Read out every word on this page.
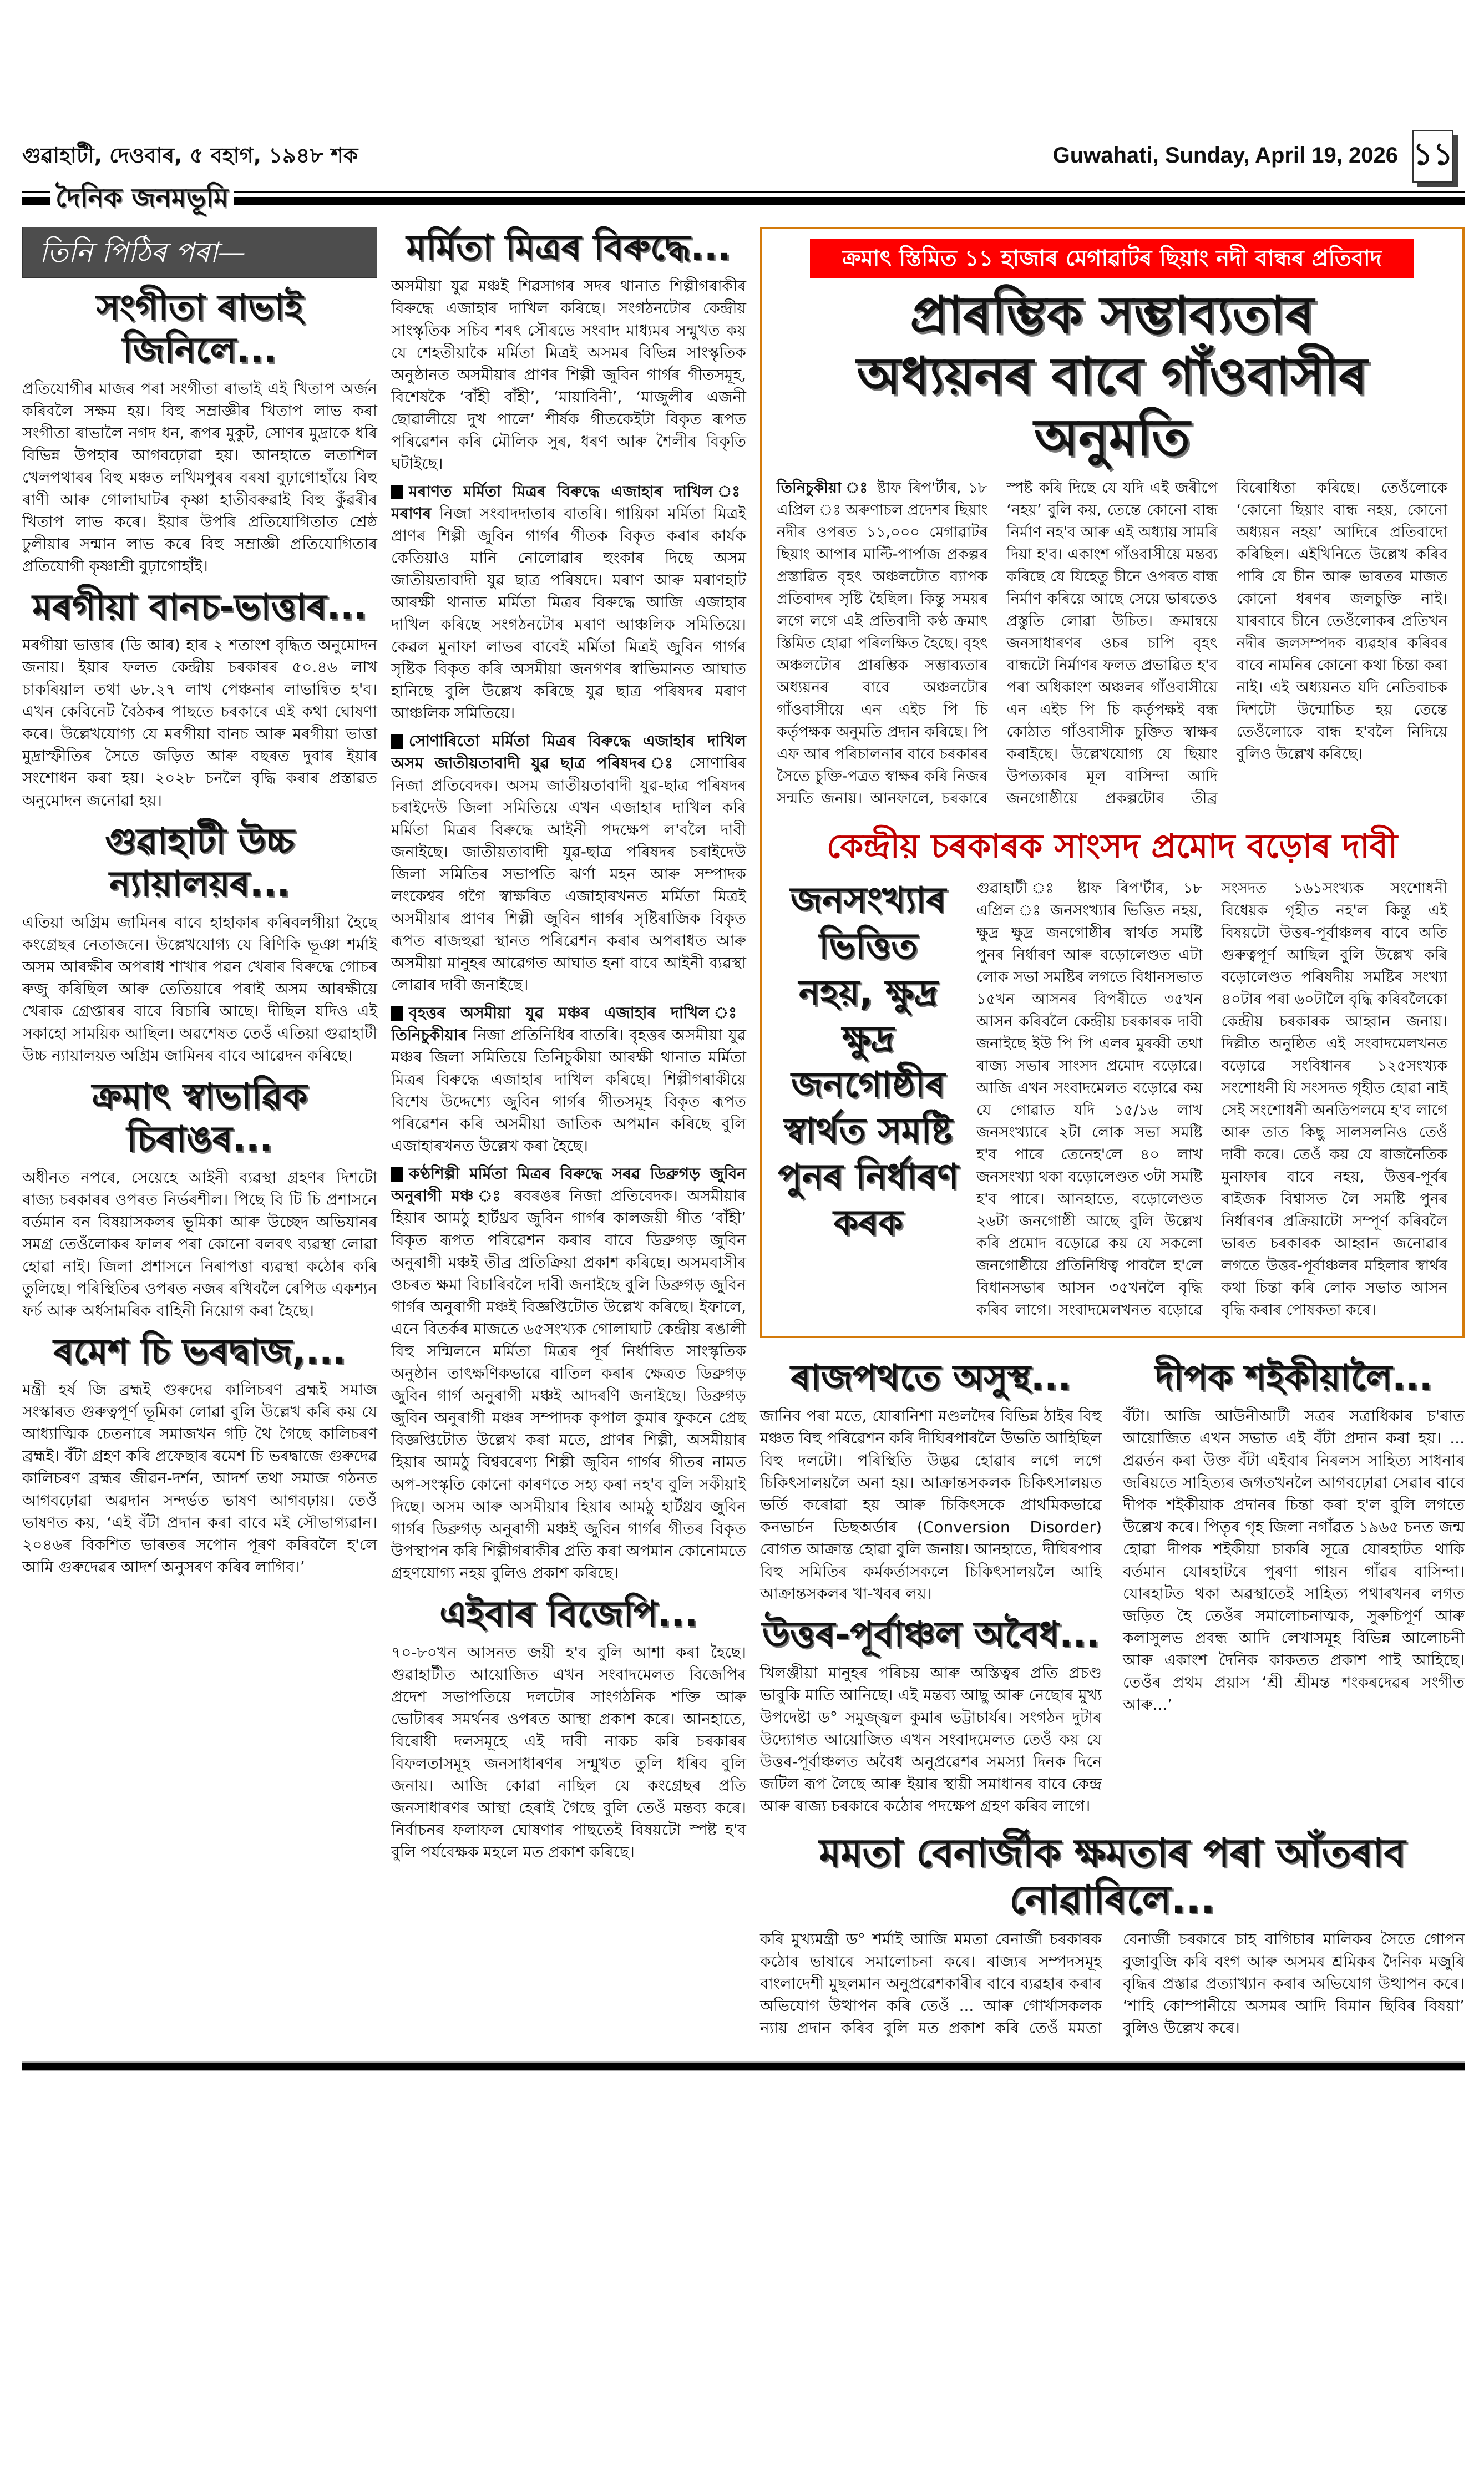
গুৱাহাটী, দেওবাৰ, ৫ বহাগ, ১৯৪৮ শক	Guwahati, Sunday, April 19, 2026 ১১
দৈনিক জনমভূমি
তিনি পিঠিৰ পৰা—
সংগীতা ৰাভাই জিনিলে...
প্ৰতিযোগীৰ মাজৰ পৰা সংগীতা ৰাভাই এই খিতাপ অৰ্জন কৰিবলৈ সক্ষম হয়। বিহু সম্ৰাজ্ঞীৰ খিতাপ লাভ কৰা সংগীতা ৰাভালৈ নগদ ধন, ৰূপৰ মুকুট, সোণৰ মুদ্ৰাকে ধৰি বিভিন্ন উপহাৰ আগবঢ়োৱা হয়। আনহাতে লতাশিল খেলপথাৰৰ বিহু মঞ্চত লখিমপুৰৰ বৰষা বুঢ়াগোহাঁয়ে বিহু ৰাণী আৰু গোলাঘাটৰ কৃষ্ণা হাতীবৰুৱাই বিহু কুঁৱৰীৰ খিতাপ লাভ কৰে। ইয়াৰ উপৰি প্ৰতিযোগিতাত শ্ৰেষ্ঠ ঢুলীয়াৰ সন্মান লাভ কৰে বিহু সম্ৰাজ্ঞী প্ৰতিযোগিতাৰ প্ৰতিযোগী কৃষ্ণাশ্ৰী বুঢ়াগোহাঁই।
মৰগীয়া বানচ-ভাত্তাৰ...
মৰগীয়া ভাত্তাৰ (ডি আৰ) হাৰ ২ শতাংশ বৃদ্ধিত অনুমোদন জনায়। ইয়াৰ ফলত কেন্দ্ৰীয় চৰকাৰৰ ৫০.৪৬ লাখ চাকৰিয়াল তথা ৬৮.২৭ লাখ পেঞ্চনাৰ লাভান্বিত হ'ব। এখন কেবিনেট বৈঠকৰ পাছতে চৰকাৰে এই কথা ঘোষণা কৰে। উল্লেখযোগ্য যে মৰগীয়া বানচ আৰু মৰগীয়া ভাত্তা মুদ্ৰাস্ফীতিৰ সৈতে জড়িত আৰু বছৰত দুবাৰ ইয়াৰ সংশোধন কৰা হয়। ২০২৮ চনলৈ বৃদ্ধি কৰাৰ প্ৰস্তাৱত অনুমোদন জনোৱা হয়।
গুৱাহাটী উচ্চ ন্যায়ালয়ৰ...
এতিয়া অগ্ৰিম জামিনৰ বাবে হাহাকাৰ কৰিবলগীয়া হৈছে কংগ্ৰেছৰ নেতাজনে। উল্লেখযোগ্য যে ৰিণিকি ভূঞা শৰ্মাই অসম আৰক্ষীৰ অপৰাধ শাখাৰ পৱন খেৰাৰ বিৰুদ্ধে গোচৰ ৰুজু কৰিছিল আৰু তেতিয়াৰে পৰাই অসম আৰক্ষীয়ে খেৰাক গ্ৰেপ্তাৰৰ বাবে বিচাৰি আছে। দীছিল যদিও এই সকাহো সাময়িক আছিল। অৱশেষত তেওঁ এতিয়া গুৱাহাটী উচ্চ ন্যায়ালয়ত অগ্ৰিম জামিনৰ বাবে আৱেদন কৰিছে।
ক্ৰমাৎ স্বাভাৱিক চিৰাঙৰ...
অধীনত নপৰে, সেয়েহে আইনী ব্যৱস্থা গ্ৰহণৰ দিশটো ৰাজ্য চৰকাৰৰ ওপৰত নিৰ্ভৰশীল। পিছে বি টি চি প্ৰশাসনে বৰ্তমান বন বিষয়াসকলৰ ভূমিকা আৰু উচ্ছেদ অভিযানৰ সমগ্ৰ তেওঁলোকৰ ফালৰ পৰা কোনো বলবৎ ব্যৱস্থা লোৱা হোৱা নাই। জিলা প্ৰশাসনে নিৰাপত্তা ব্যৱস্থা কঠোৰ কৰি তুলিছে। পৰিস্থিতিৰ ওপৰত নজৰ ৰখিবলৈ ৰেপিড একশ্যন ফৰ্চ আৰু অৰ্ধসামৰিক বাহিনী নিয়োগ কৰা হৈছে।
ৰমেশ চি ভৰদ্বাজ,...
মন্ত্ৰী হৰ্ষ জি ব্ৰহ্মই গুৰুদেৱ কালিচৰণ ব্ৰহ্মই সমাজ সংস্কাৰত গুৰুত্বপূৰ্ণ ভূমিকা লোৱা বুলি উল্লেখ কৰি কয় যে আধ্যাত্মিক চেতনাৰে সমাজখন গঢ়ি থৈ গৈছে কালিচৰণ ব্ৰহ্মই। বঁটা গ্ৰহণ কৰি প্ৰফেছাৰ ৰমেশ চি ভৰদ্বাজে গুৰুদেৱ কালিচৰণ ব্ৰহ্মৰ জীৱন-দৰ্শন, আদৰ্শ তথা সমাজ গঠনত আগবঢ়োৱা অৱদান সন্দৰ্ভত ভাষণ আগবঢ়ায়। তেওঁ ভাষণত কয়, ‘এই বঁটা প্ৰদান কৰা বাবে মই সৌভাগ্যৱান। ২০৪৬ৰ বিকশিত ভাৰতৰ সপোন পূৰণ কৰিবলৈ হ'লে আমি গুৰুদেৱৰ আদৰ্শ অনুসৰণ কৰিব লাগিব।’
মৰ্মিতা মিত্ৰৰ বিৰুদ্ধে...
অসমীয়া যুৱ মঞ্চই শিৱসাগৰ সদৰ থানাত শিল্পীগৰাকীৰ বিৰুদ্ধে এজাহাৰ দাখিল কৰিছে। সংগঠনটোৰ কেন্দ্ৰীয় সাংস্কৃতিক সচিব শৰৎ সৌৰভে সংবাদ মাধ্যমৰ সন্মুখত কয় যে শেহতীয়াকৈ মৰ্মিতা মিত্ৰই অসমৰ বিভিন্ন সাংস্কৃতিক অনুষ্ঠানত অসমীয়াৰ প্ৰাণৰ শিল্পী জুবিন গাৰ্গৰ গীতসমূহ, বিশেষকৈ ‘বাঁহী বাঁহী’, ‘মায়াবিনী’, ‘মাজুলীৰ এজনী ছোৱালীয়ে দুখ পালে’ শীৰ্ষক গীতকেইটা বিকৃত ৰূপত পৰিৱেশন কৰি মৌলিক সুৰ, ধৰণ আৰু শৈলীৰ বিকৃতি ঘটাইছে।

মৰাণত মৰ্মিতা মিত্ৰৰ বিৰুদ্ধে এজাহাৰ দাখিল ঃ মৰাণৰ নিজা সংবাদদাতাৰ বাতৰি। গায়িকা মৰ্মিতা মিত্ৰই প্ৰাণৰ শিল্পী জুবিন গাৰ্গৰ গীতক বিকৃত কৰাৰ কাৰ্যক কেতিয়াও মানি নোলোৱাৰ হুংকাৰ দিছে অসম জাতীয়তাবাদী যুৱ ছাত্ৰ পৰিষদে। মৰাণ আৰু মৰাণহাট আৰক্ষী থানাত মৰ্মিতা মিত্ৰৰ বিৰুদ্ধে আজি এজাহাৰ দাখিল কৰিছে সংগঠনটোৰ মৰাণ আঞ্চলিক সমিতিয়ে। কেৱল মুনাফা লাভৰ বাবেই মৰ্মিতা মিত্ৰই জুবিন গাৰ্গৰ সৃষ্টিক বিকৃত কৰি অসমীয়া জনগণৰ স্বাভিমানত আঘাত হানিছে বুলি উল্লেখ কৰিছে যুৱ ছাত্ৰ পৰিষদৰ মৰাণ আঞ্চলিক সমিতিয়ে।

সোণাৰিতো মৰ্মিতা মিত্ৰৰ বিৰুদ্ধে এজাহাৰ দাখিল অসম জাতীয়তাবাদী যুৱ ছাত্ৰ পৰিষদৰ ঃ সোণাৰিৰ নিজা প্ৰতিবেদক। অসম জাতীয়তাবাদী যুৱ-ছাত্ৰ পৰিষদৰ চৰাইদেউ জিলা সমিতিয়ে এখন এজাহাৰ দাখিল কৰি মৰ্মিতা মিত্ৰৰ বিৰুদ্ধে আইনী পদক্ষেপ ল'বলৈ দাবী জনাইছে। জাতীয়তাবাদী যুৱ-ছাত্ৰ পৰিষদৰ চৰাইদেউ জিলা সমিতিৰ সভাপতি ঝৰ্ণা মহন আৰু সম্পাদক লংকেশ্বৰ গগৈ স্বাক্ষৰিত এজাহাৰখনত মৰ্মিতা মিত্ৰই অসমীয়াৰ প্ৰাণৰ শিল্পী জুবিন গাৰ্গৰ সৃষ্টিৰাজিক বিকৃত ৰূপত ৰাজহুৱা স্থানত পৰিৱেশন কৰাৰ অপৰাধত আৰু অসমীয়া মানুহৰ আৱেগত আঘাত হনা বাবে আইনী ব্যৱস্থা লোৱাৰ দাবী জনাইছে।

বৃহত্তৰ অসমীয়া যুৱ মঞ্চৰ এজাহাৰ দাখিল ঃ তিনিচুকীয়াৰ নিজা প্ৰতিনিধিৰ বাতৰি। বৃহত্তৰ অসমীয়া যুৱ মঞ্চৰ জিলা সমিতিয়ে তিনিচুকীয়া আৰক্ষী থানাত মৰ্মিতা মিত্ৰৰ বিৰুদ্ধে এজাহাৰ দাখিল কৰিছে। শিল্পীগৰাকীয়ে বিশেষ উদ্দেশ্যে জুবিন গাৰ্গৰ গীতসমূহ বিকৃত ৰূপত পৰিৱেশন কৰি অসমীয়া জাতিক অপমান কৰিছে বুলি এজাহাৰখনত উল্লেখ কৰা হৈছে।

কণ্ঠশিল্পী মৰ্মিতা মিত্ৰৰ বিৰুদ্ধে সৰৱ ডিব্ৰুগড় জুবিন অনুৰাগী মঞ্চ ঃ ৰবৰঙৰ নিজা প্ৰতিবেদক। অসমীয়াৰ হিয়াৰ আমঠু হাৰ্টথ্ৰব জুবিন গাৰ্গৰ কালজয়ী গীত ‘বাঁহী’ বিকৃত ৰূপত পৰিৱেশন কৰাৰ বাবে ডিব্ৰুগড় জুবিন অনুৰাগী মঞ্চই তীব্ৰ প্ৰতিক্ৰিয়া প্ৰকাশ কৰিছে। অসমবাসীৰ ওচৰত ক্ষমা বিচাৰিবলৈ দাবী জনাইছে বুলি ডিব্ৰুগড় জুবিন গাৰ্গৰ অনুৰাগী মঞ্চই বিজ্ঞপ্তিটোত উল্লেখ কৰিছে। ইফালে, এনে বিতৰ্কৰ মাজতে ৬৫সংখ্যক গোলাঘাট কেন্দ্ৰীয় ৰঙালী বিহু সন্মিলনে মৰ্মিতা মিত্ৰৰ পূৰ্ব নিৰ্ধাৰিত সাংস্কৃতিক অনুষ্ঠান তাৎক্ষণিকভাৱে বাতিল কৰাৰ ক্ষেত্ৰত ডিব্ৰুগড় জুবিন গাৰ্গ অনুৰাগী মঞ্চই আদৰণি জনাইছে। ডিব্ৰুগড় জুবিন অনুৰাগী মঞ্চৰ সম্পাদক কৃপাল কুমাৰ ফুকনে প্ৰেছ বিজ্ঞপ্তিটোত উল্লেখ কৰা মতে, প্ৰাণৰ শিল্পী, অসমীয়াৰ হিয়াৰ আমঠু বিশ্ববৰেণ্য শিল্পী জুবিন গাৰ্গৰ গীতৰ নামত অপ-সংস্কৃতি কোনো কাৰণতে সহ্য কৰা নহ'ব বুলি সকীয়াই দিছে। অসম আৰু অসমীয়াৰ হিয়াৰ আমঠু হাৰ্টথ্ৰব জুবিন গাৰ্গৰ ডিব্ৰুগড় অনুৰাগী মঞ্চই জুবিন গাৰ্গৰ গীতৰ বিকৃত উপস্থাপন কৰি শিল্পীগৰাকীৰ প্ৰতি কৰা অপমান কোনোমতে গ্ৰহণযোগ্য নহয় বুলিও প্ৰকাশ কৰিছে।

এইবাৰ বিজেপি...
৭০-৮০খন আসনত জয়ী হ'ব বুলি আশা কৰা হৈছে। গুৱাহাটীত আয়োজিত এখন সংবাদমেলত বিজেপিৰ প্ৰদেশ সভাপতিয়ে দলটোৰ সাংগঠনিক শক্তি আৰু ভোটাৰৰ সমৰ্থনৰ ওপৰত আস্থা প্ৰকাশ কৰে। আনহাতে, বিৰোধী দলসমূহে এই দাবী নাকচ কৰি চৰকাৰৰ বিফলতাসমূহ জনসাধাৰণৰ সন্মুখত তুলি ধৰিব বুলি জনায়। আজি কোৱা নাছিল যে কংগ্ৰেছৰ প্ৰতি জনসাধাৰণৰ আস্থা হেৰাই গৈছে বুলি তেওঁ মন্তব্য কৰে। নিৰ্বাচনৰ ফলাফল ঘোষণাৰ পাছতেই বিষয়টো স্পষ্ট হ'ব বুলি পৰ্যবেক্ষক মহলে মত প্ৰকাশ কৰিছে।
ক্ৰমাৎ স্তিমিত ১১ হাজাৰ মেগাৱাটৰ ছিয়াং নদী বান্ধৰ প্ৰতিবাদ
প্ৰাৰম্ভিক সম্ভাব্যতাৰ
অধ্যয়নৰ বাবে গাঁওবাসীৰ অনুমতি
তিনিচুকীয়া ঃ ষ্টাফ ৰিপ'ৰ্টাৰ, ১৮ এপ্ৰিল ঃ অৰুণাচল প্ৰদেশৰ ছিয়াং নদীৰ ওপৰত ১১,০০০ মেগাৱাটৰ ছিয়াং আপাৰ মাল্টি-পাৰ্পাজ প্ৰকল্পৰ প্ৰস্তাৱিত বৃহৎ অঞ্চলটোত ব্যাপক প্ৰতিবাদৰ সৃষ্টি হৈছিল। কিন্তু সময়ৰ লগে লগে এই প্ৰতিবাদী কণ্ঠ ক্ৰমাৎ স্তিমিত হোৱা পৰিলক্ষিত হৈছে। বৃহৎ অঞ্চলটোৰ প্ৰাৰম্ভিক সম্ভাব্যতাৰ অধ্যয়নৰ বাবে অঞ্চলটোৰ গাঁওবাসীয়ে এন এইচ পি চি কৰ্তৃপক্ষক অনুমতি প্ৰদান কৰিছে। পি এফ আৰ পৰিচালনাৰ বাবে চৰকাৰৰ সৈতে চুক্তি-পত্ৰত স্বাক্ষৰ কৰি নিজৰ সন্মতি জনায়। আনফালে, চৰকাৰে স্পষ্ট কৰি দিছে যে যদি এই জৰীপে ‘নহয়’ বুলি কয়, তেন্তে কোনো বান্ধ নিৰ্মাণ নহ'ব আৰু এই অধ্যায় সামৰি দিয়া হ'ব। একাংশ গাঁওবাসীয়ে মন্তব্য কৰিছে যে যিহেতু চীনে ওপৰত বান্ধ নিৰ্মাণ কৰিয়ে আছে সেয়ে ভাৰতেও প্ৰস্তুতি লোৱা উচিত। ক্ৰমান্বয়ে জনসাধাৰণৰ ওচৰ চাপি বৃহৎ বান্ধটো নিৰ্মাণৰ ফলত প্ৰভাৱিত হ'ব পৰা অধিকাংশ অঞ্চলৰ গাঁওবাসীয়ে এন এইচ পি চি কৰ্তৃপক্ষই বন্ধ কোঠাত গাঁওবাসীক চুক্তিত স্বাক্ষৰ কৰাইছে। উল্লেখযোগ্য যে ছিয়াং উপত্যকাৰ মূল বাসিন্দা আদি জনগোষ্ঠীয়ে প্ৰকল্পটোৰ তীব্ৰ বিৰোধিতা কৰিছে। তেওঁলোকে ‘কোনো ছিয়াং বান্ধ নহয়, কোনো অধ্যয়ন নহয়’ আদিৰে প্ৰতিবাদো কৰিছিল। এইখিনিতে উল্লেখ কৰিব পাৰি যে চীন আৰু ভাৰতৰ মাজত কোনো ধৰণৰ জলচুক্তি নাই। যাৰবাবে চীনে তেওঁলোকৰ প্ৰতিখন নদীৰ জলসম্পদক ব্যৱহাৰ কৰিবৰ বাবে নামনিৰ কোনো কথা চিন্তা কৰা নাই। এই অধ্যয়নত যদি নেতিবাচক দিশটো উন্মোচিত হয় তেন্তে তেওঁলোকে বান্ধ হ'বলৈ নিদিয়ে বুলিও উল্লেখ কৰিছে।
কেন্দ্ৰীয় চৰকাৰক সাংসদ প্ৰমোদ বড়োৰ দাবী
জনসংখ্যাৰ ভিত্তিত নহয়, ক্ষুদ্ৰ ক্ষুদ্ৰ জনগোষ্ঠীৰ স্বাৰ্থত সমষ্টি পুনৰ নিৰ্ধাৰণ কৰক
গুৱাহাটী ঃ ষ্টাফ ৰিপ'ৰ্টাৰ, ১৮ এপ্ৰিল ঃ জনসংখ্যাৰ ভিত্তিত নহয়, ক্ষুদ্ৰ ক্ষুদ্ৰ জনগোষ্ঠীৰ স্বাৰ্থত সমষ্টি পুনৰ নিৰ্ধাৰণ আৰু বড়োলেণ্ডত এটা লোক সভা সমষ্টিৰ লগতে বিধানসভাত ১৫খন আসনৰ বিপৰীতে ৩৫খন আসন কৰিবলৈ কেন্দ্ৰীয় চৰকাৰক দাবী জনাইছে ইউ পি পি এলৰ মুৰব্বী তথা ৰাজ্য সভাৰ সাংসদ প্ৰমোদ বড়োৱে। আজি এখন সংবাদমেলত বড়োৱে কয় যে গোৱাত যদি ১৫/১৬ লাখ জনসংখ্যাৰে ২টা লোক সভা সমষ্টি হ'ব পাৰে তেনেহ'লে ৪০ লাখ জনসংখ্যা থকা বড়োলেণ্ডত ৩টা সমষ্টি হ'ব পাৰে। আনহাতে, বড়োলেণ্ডত ২৬টা জনগোষ্ঠী আছে বুলি উল্লেখ কৰি প্ৰমোদ বড়োৱে কয় যে সকলো জনগোষ্ঠীয়ে প্ৰতিনিধিত্ব পাবলৈ হ'লে বিধানসভাৰ আসন ৩৫খনলৈ বৃদ্ধি কৰিব লাগে। সংবাদমেলখনত বড়োৱে সংসদত ১৬১সংখ্যক সংশোধনী বিধেয়ক গৃহীত নহ'ল কিন্তু এই বিষয়টো উত্তৰ-পূৰ্বাঞ্চলৰ বাবে অতি গুৰুত্বপূৰ্ণ আছিল বুলি উল্লেখ কৰি বড়োলেণ্ডত পৰিষদীয় সমষ্টিৰ সংখ্যা ৪০টাৰ পৰা ৬০টালৈ বৃদ্ধি কৰিবলৈকো কেন্দ্ৰীয় চৰকাৰক আহ্বান জনায়। দিল্লীত অনুষ্ঠিত এই সংবাদমেলখনত বড়োৱে সংবিধানৰ ১২৫সংখ্যক সংশোধনী যি সংসদত গৃহীত হোৱা নাই সেই সংশোধনী অনতিপলমে হ'ব লাগে আৰু তাত কিছু সালসলনিও তেওঁ দাবী কৰে। তেওঁ কয় যে ৰাজনৈতিক মুনাফাৰ বাবে নহয়, উত্তৰ-পূৰ্বৰ ৰাইজক বিশ্বাসত লৈ সমষ্টি পুনৰ নিৰ্ধাৰণৰ প্ৰক্ৰিয়াটো সম্পূৰ্ণ কৰিবলৈ ভাৰত চৰকাৰক আহ্বান জনোৱাৰ লগতে উত্তৰ-পূৰ্বাঞ্চলৰ মহিলাৰ স্বাৰ্থৰ কথা চিন্তা কৰি লোক সভাত আসন বৃদ্ধি কৰাৰ পোষকতা কৰে।
ৰাজপথতে অসুস্থ...
জানিব পৰা মতে, যোৰানিশা মণ্ডলদৈৰ বিভিন্ন ঠাইৰ বিহু মঞ্চত বিহু পৰিৱেশন কৰি দীঘিৰপাৰলৈ উভতি আহিছিল বিহু দলটো। পৰিস্থিতি উদ্ভৱ হোৱাৰ লগে লগে চিকিৎসালয়লৈ অনা হয়। আক্ৰান্তসকলক চিকিৎসালয়ত ভৰ্তি কৰোৱা হয় আৰু চিকিৎসকে প্ৰাথমিকভাৱে কনভাৰ্চন ডিছঅৰ্ডাৰ (Conversion Disorder) বোগত আক্ৰান্ত হোৱা বুলি জনায়। আনহাতে, দীঘিৰপাৰ বিহু সমিতিৰ কৰ্মকৰ্তাসকলে চিকিৎসালয়লৈ আহি আক্ৰান্তসকলৰ খা-খবৰ লয়।
উত্তৰ-পূৰ্বাঞ্চল অবৈধ...
খিলঞ্জীয়া মানুহৰ পৰিচয় আৰু অস্তিত্বৰ প্ৰতি প্ৰচণ্ড ভাবুকি মাতি আনিছে। এই মন্তব্য আছু আৰু নেছোৰ মুখ্য উপদেষ্টা ড° সমুজ্জ্বল কুমাৰ ভট্টাচাৰ্যৰ। সংগঠন দুটাৰ উদ্যোগত আয়োজিত এখন সংবাদমেলত তেওঁ কয় যে উত্তৰ-পূৰ্বাঞ্চলত অবৈধ অনুপ্ৰৱেশৰ সমস্যা দিনক দিনে জটিল ৰূপ লৈছে আৰু ইয়াৰ স্থায়ী সমাধানৰ বাবে কেন্দ্ৰ আৰু ৰাজ্য চৰকাৰে কঠোৰ পদক্ষেপ গ্ৰহণ কৰিব লাগে।
দীপক শইকীয়ালৈ...
বঁটা। আজি আউনীআটী সত্ৰৰ সত্ৰাধিকাৰ চ'ৰাত আয়োজিত এখন সভাত এই বঁটা প্ৰদান কৰা হয়। ... প্ৰৱৰ্তন কৰা উক্ত বঁটা এইবাৰ নিৰলস সাহিত্য সাধনাৰ জৰিয়তে সাহিত্যৰ জগতখনলৈ আগবঢ়োৱা সেৱাৰ বাবে দীপক শইকীয়াক প্ৰদানৰ চিন্তা কৰা হ'ল বুলি লগতে উল্লেখ কৰে। পিতৃৰ গৃহ জিলা নগাঁৱত ১৯৬৫ চনত জন্ম হোৱা দীপক শইকীয়া চাকৰি সূত্ৰে যোৰহাটত থাকি বৰ্তমান যোৰহাটৰে পুৰণা গায়ন গাঁৱৰ বাসিন্দা। যোৰহাটত থকা অৱস্থাতেই সাহিত্য পথাৰখনৰ লগত জড়িত হৈ তেওঁৰ সমালোচনাত্মক, সুৰুচিপূৰ্ণ আৰু কলাসুলভ প্ৰবন্ধ আদি লেখাসমূহ বিভিন্ন আলোচনী আৰু একাংশ দৈনিক কাকতত প্ৰকাশ পাই আহিছে। তেওঁৰ প্ৰথম প্ৰয়াস ‘শ্ৰী শ্ৰীমন্ত শংকৰদেৱৰ সংগীত আৰু...’
মমতা বেনাৰ্জীক ক্ষমতাৰ পৰা আঁতৰাব নোৱাৰিলে...
কৰি মুখ্যমন্ত্ৰী ড° শৰ্মাই আজি মমতা বেনাৰ্জী চৰকাৰক কঠোৰ ভাষাৰে সমালোচনা কৰে। ৰাজ্যৰ সম্পদসমূহ বাংলাদেশী মুছলমান অনুপ্ৰৱেশকাৰীৰ বাবে ব্যৱহাৰ কৰাৰ অভিযোগ উত্থাপন কৰি তেওঁ ... আৰু গোৰ্খাসকলক ন্যায় প্ৰদান কৰিব বুলি মত প্ৰকাশ কৰি তেওঁ মমতা বেনাৰ্জী চৰকাৰে চাহ বাগিচাৰ মালিকৰ সৈতে গোপন বুজাবুজি কৰি বংগ আৰু অসমৰ শ্ৰমিকৰ দৈনিক মজুৰি বৃদ্ধিৰ প্ৰস্তাৱ প্ৰত্যাখ্যান কৰাৰ অভিযোগ উত্থাপন কৰে। ‘শাহি কোম্পানীয়ে অসমৰ আদি বিমান ছিবিৰ বিষয়া’ বুলিও উল্লেখ কৰে।
